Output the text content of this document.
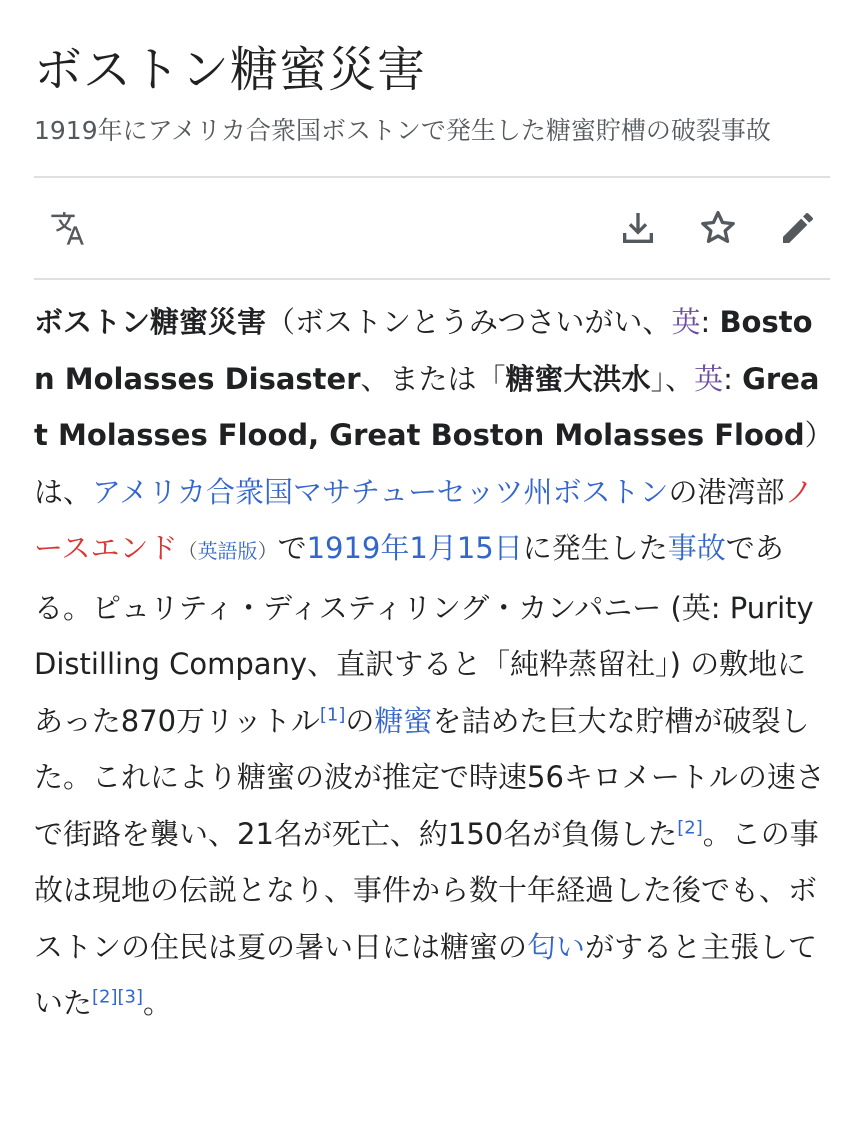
ボストン糖蜜災害
1919年にアメリカ合衆国ボストンで発生した糖蜜貯槽の破裂事故
ボストン糖蜜災害（ボストンとうみつさいがい、英: Boston Molasses Disaster、または「糖蜜大洪水」、英: Great Molasses Flood, Great Boston Molasses Flood）は、アメリカ合衆国マサチューセッツ州ボストンの港湾部ノースエンド（英語版）で1919年1月15日に発生した事故である。ピュリティ・ディスティリング・カンパニー (英: Purity Distilling Company、直訳すると「純粋蒸留社」) の敷地にあった870万リットル[1]の糖蜜を詰めた巨大な貯槽が破裂した。これにより糖蜜の波が推定で時速56キロメートルの速さで街路を襲い、21名が死亡、約150名が負傷した[2]。この事故は現地の伝説となり、事件から数十年経過した後でも、ボストンの住民は夏の暑い日には糖蜜の匂いがすると主張していた[2][3]。
